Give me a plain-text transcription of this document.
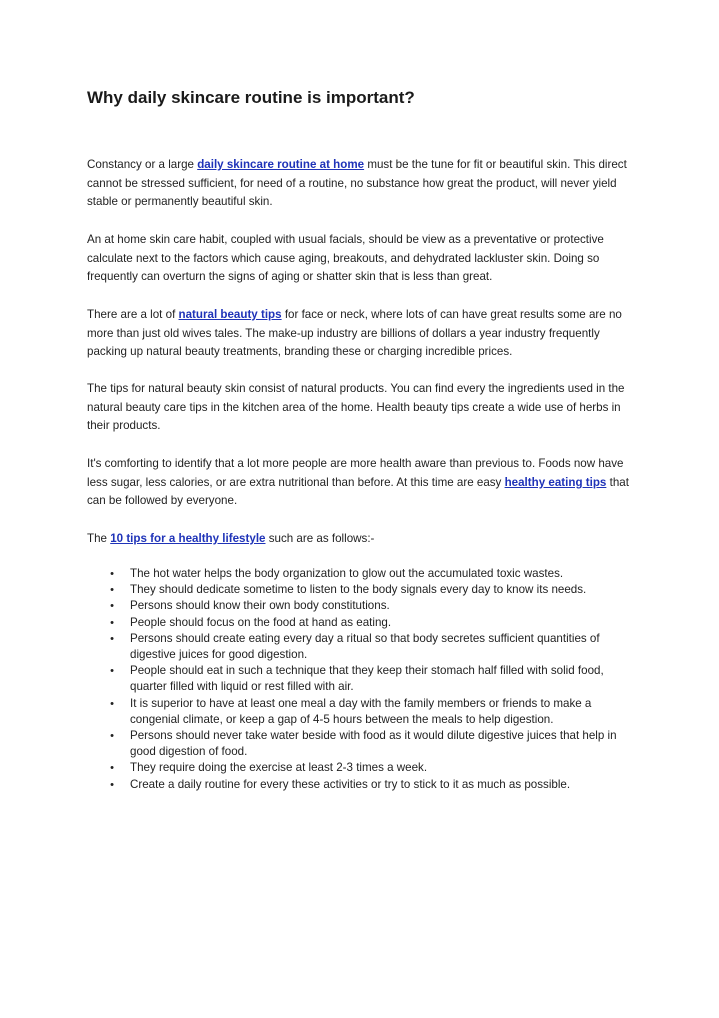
Why daily skincare routine is important?

Constancy or a large daily skincare routine at home must be the tune for fit or beautiful skin. This direct cannot be stressed sufficient, for need of a routine, no substance how great the product, will never yield stable or permanently beautiful skin.

An at home skin care habit, coupled with usual facials, should be view as a preventative or protective calculate next to the factors which cause aging, breakouts, and dehydrated lackluster skin. Doing so frequently can overturn the signs of aging or shatter skin that is less than great.

There are a lot of natural beauty tips for face or neck, where lots of can have great results some are no more than just old wives tales. The make-up industry are billions of dollars a year industry frequently packing up natural beauty treatments, branding these or charging incredible prices.

The tips for natural beauty skin consist of natural products. You can find every the ingredients used in the natural beauty care tips in the kitchen area of the home. Health beauty tips create a wide use of herbs in their products.

It's comforting to identify that a lot more people are more health aware than previous to. Foods now have less sugar, less calories, or are extra nutritional than before. At this time are easy healthy eating tips that can be followed by everyone.

The 10 tips for a healthy lifestyle such are as follows:-

• The hot water helps the body organization to glow out the accumulated toxic wastes.
• They should dedicate sometime to listen to the body signals every day to know its needs.
• Persons should know their own body constitutions.
• People should focus on the food at hand as eating.
• Persons should create eating every day a ritual so that body secretes sufficient quantities of digestive juices for good digestion.
• People should eat in such a technique that they keep their stomach half filled with solid food, quarter filled with liquid or rest filled with air.
• It is superior to have at least one meal a day with the family members or friends to make a congenial climate, or keep a gap of 4-5 hours between the meals to help digestion.
• Persons should never take water beside with food as it would dilute digestive juices that help in good digestion of food.
• They require doing the exercise at least 2-3 times a week.
• Create a daily routine for every these activities or try to stick to it as much as possible.
